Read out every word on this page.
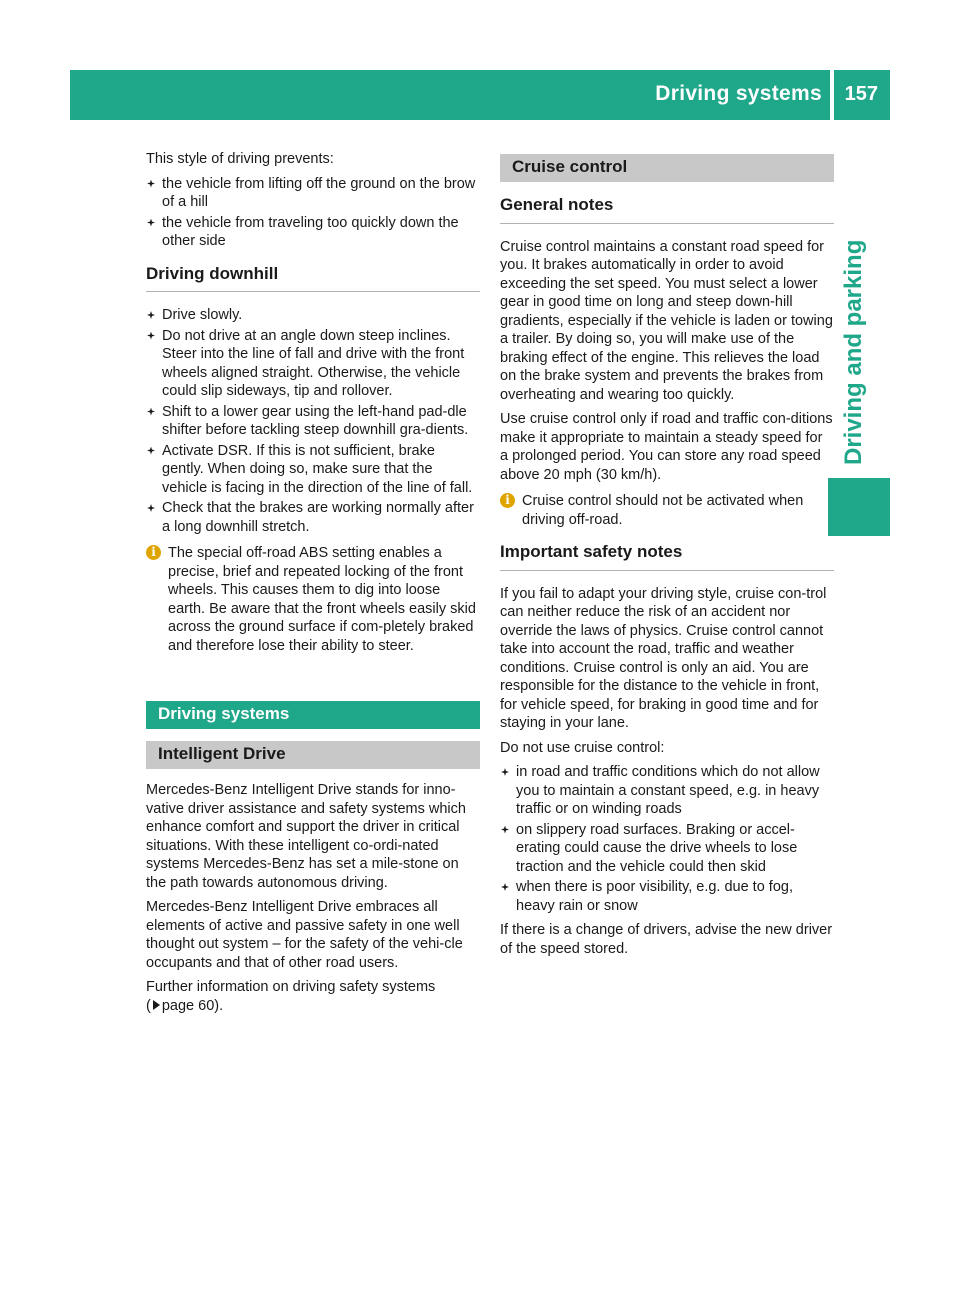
Driving systems 157
Driving and parking

This style of driving prevents:

the vehicle from lifting off the ground on the brow of a hill
the vehicle from traveling too quickly down the other side
Driving downhill
Drive slowly.
Do not drive at an angle down steep inclines. Steer into the line of fall and drive with the front wheels aligned straight. Otherwise, the vehicle could slip sideways, tip and rollover.
Shift to a lower gear using the left-hand pad-dle shifter before tackling steep downhill gra-dients.
Activate DSR. If this is not sufficient, brake gently. When doing so, make sure that the vehicle is facing in the direction of the line of fall.
Check that the brakes are working normally after a long downhill stretch.
i The special off-road ABS setting enables a precise, brief and repeated locking of the front wheels. This causes them to dig into loose earth. Be aware that the front wheels easily skid across the ground surface if com-pletely braked and therefore lose their ability to steer.
Driving systems
Intelligent Drive

Mercedes-Benz Intelligent Drive stands for inno-vative driver assistance and safety systems which enhance comfort and support the driver in critical situations. With these intelligent co-ordi-nated systems Mercedes-Benz has set a mile-stone on the path towards autonomous driving.

Mercedes-Benz Intelligent Drive embraces all elements of active and passive safety in one well thought out system – for the safety of the vehi-cle occupants and that of other road users.

Further information on driving safety systems
( page 60).

Cruise control
General notes

Cruise control maintains a constant road speed for you. It brakes automatically in order to avoid exceeding the set speed. You must select a lower gear in good time on long and steep down-hill gradients, especially if the vehicle is laden or towing a trailer. By doing so, you will make use of the braking effect of the engine. This relieves the load on the brake system and prevents the brakes from overheating and wearing too quickly.

Use cruise control only if road and traffic con-ditions make it appropriate to maintain a steady speed for a prolonged period. You can store any road speed above 20 mph (30 km/h).

i Cruise control should not be activated when driving off-road.
Important safety notes

If you fail to adapt your driving style, cruise con-trol can neither reduce the risk of an accident nor override the laws of physics. Cruise control cannot take into account the road, traffic and weather conditions. Cruise control is only an aid. You are responsible for the distance to the vehicle in front, for vehicle speed, for braking in good time and for staying in your lane.

Do not use cruise control:

in road and traffic conditions which do not allow you to maintain a constant speed, e.g. in heavy traffic or on winding roads
on slippery road surfaces. Braking or accel-erating could cause the drive wheels to lose traction and the vehicle could then skid
when there is poor visibility, e.g. due to fog, heavy rain or snow

If there is a change of drivers, advise the new driver of the speed stored.
